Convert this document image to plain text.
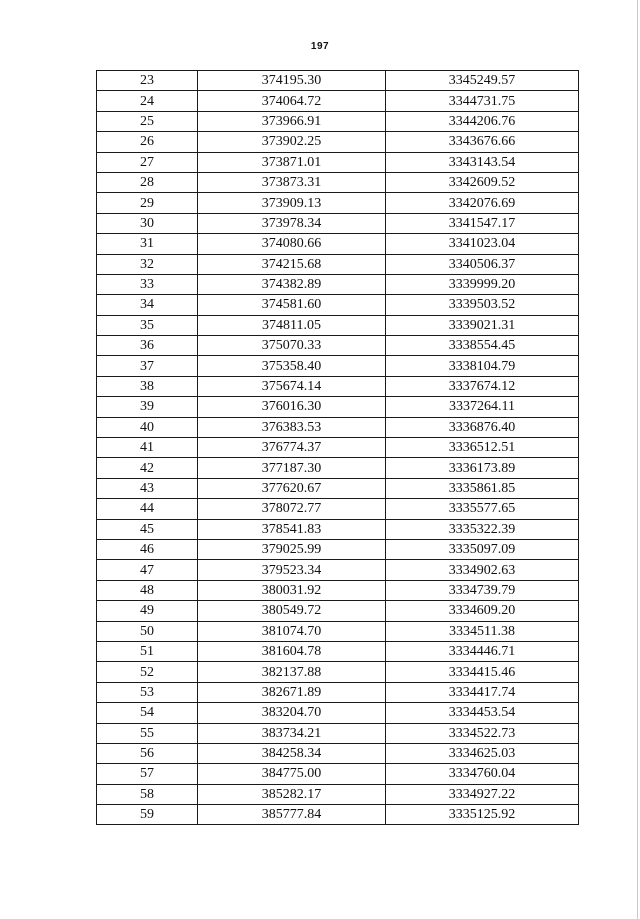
197
23	374195.30	3345249.57
24	374064.72	3344731.75
25	373966.91	3344206.76
26	373902.25	3343676.66
27	373871.01	3343143.54
28	373873.31	3342609.52
29	373909.13	3342076.69
30	373978.34	3341547.17
31	374080.66	3341023.04
32	374215.68	3340506.37
33	374382.89	3339999.20
34	374581.60	3339503.52
35	374811.05	3339021.31
36	375070.33	3338554.45
37	375358.40	3338104.79
38	375674.14	3337674.12
39	376016.30	3337264.11
40	376383.53	3336876.40
41	376774.37	3336512.51
42	377187.30	3336173.89
43	377620.67	3335861.85
44	378072.77	3335577.65
45	378541.83	3335322.39
46	379025.99	3335097.09
47	379523.34	3334902.63
48	380031.92	3334739.79
49	380549.72	3334609.20
50	381074.70	3334511.38
51	381604.78	3334446.71
52	382137.88	3334415.46
53	382671.89	3334417.74
54	383204.70	3334453.54
55	383734.21	3334522.73
56	384258.34	3334625.03
57	384775.00	3334760.04
58	385282.17	3334927.22
59	385777.84	3335125.92
